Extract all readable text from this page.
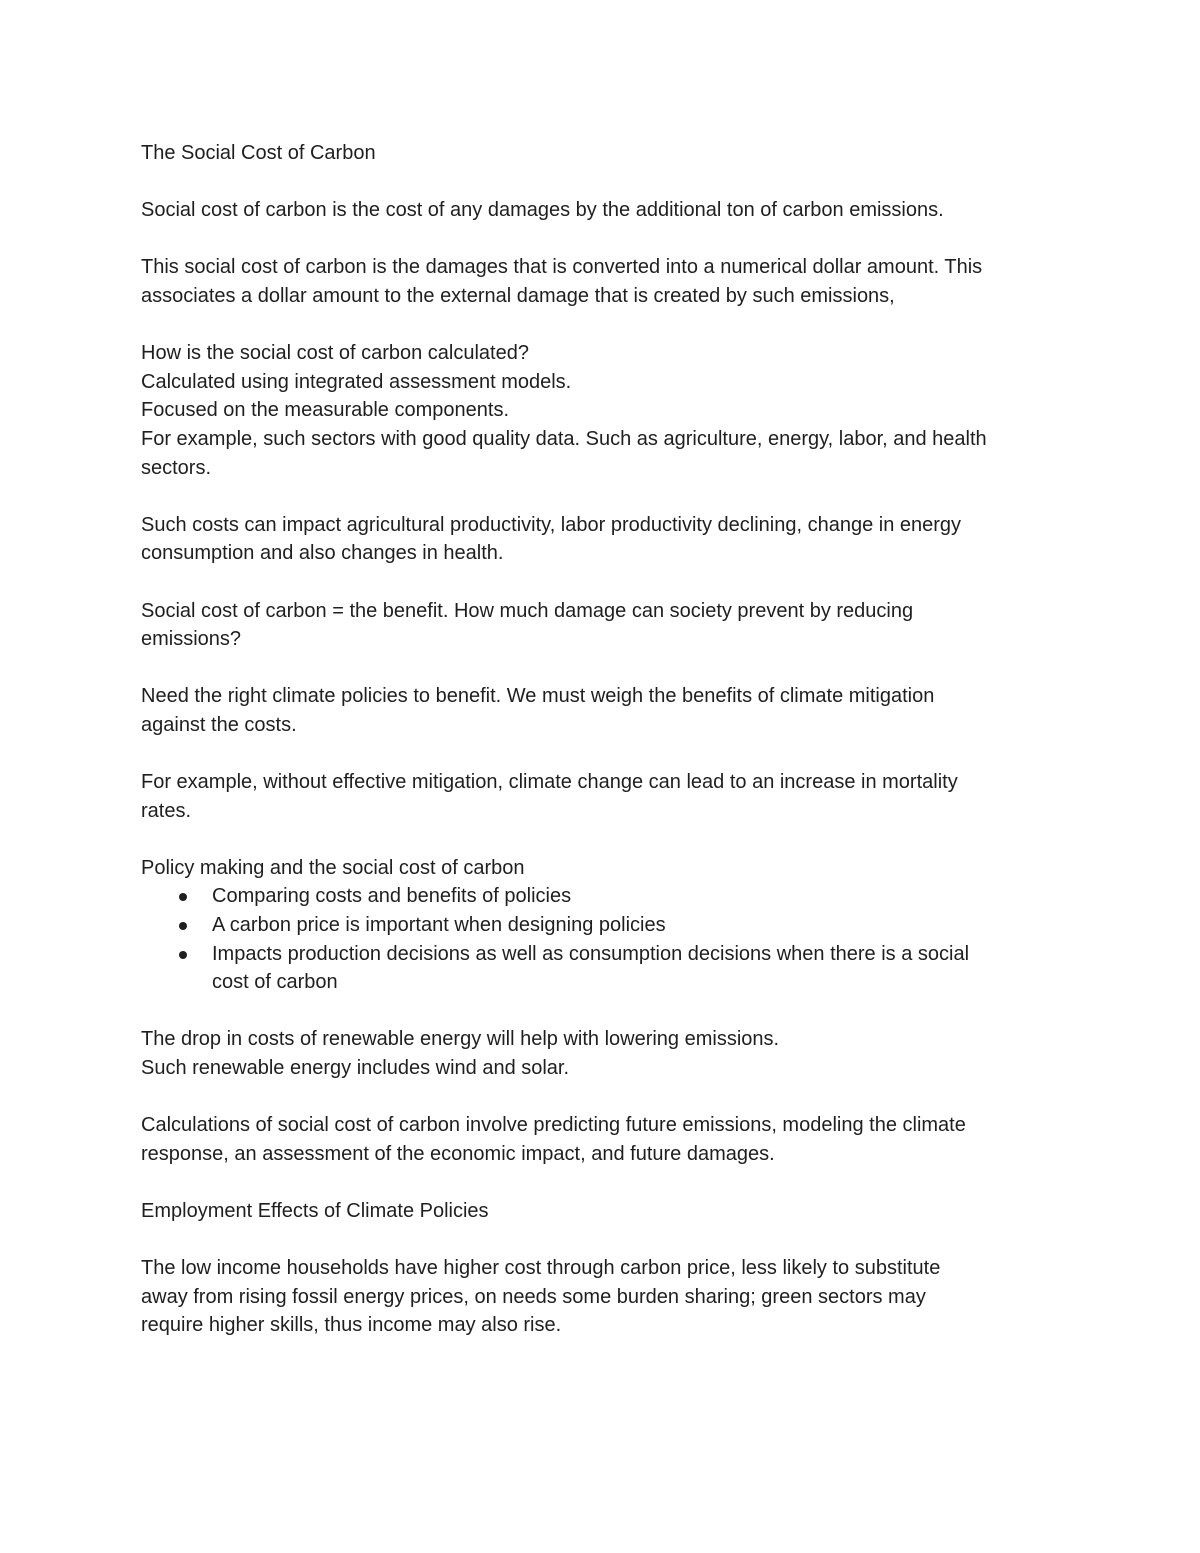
The Social Cost of Carbon
Social cost of carbon is the cost of any damages by the additional ton of carbon emissions.
This social cost of carbon is the damages that is converted into a numerical dollar amount. This
associates a dollar amount to the external damage that is created by such emissions,
How is the social cost of carbon calculated?
Calculated using integrated assessment models.
Focused on the measurable components.
For example, such sectors with good quality data. Such as agriculture, energy, labor, and health
sectors.
Such costs can impact agricultural productivity, labor productivity declining, change in energy
consumption and also changes in health.
Social cost of carbon = the benefit. How much damage can society prevent by reducing
emissions?
Need the right climate policies to benefit. We must weigh the benefits of climate mitigation
against the costs.
For example, without effective mitigation, climate change can lead to an increase in mortality
rates.
Policy making and the social cost of carbon
Comparing costs and benefits of policies
A carbon price is important when designing policies
Impacts production decisions as well as consumption decisions when there is a social
cost of carbon
The drop in costs of renewable energy will help with lowering emissions.
Such renewable energy includes wind and solar.
Calculations of social cost of carbon involve predicting future emissions, modeling the climate
response, an assessment of the economic impact, and future damages.
Employment Effects of Climate Policies
The low income households have higher cost through carbon price, less likely to substitute
away from rising fossil energy prices, on needs some burden sharing; green sectors may
require higher skills, thus income may also rise.
